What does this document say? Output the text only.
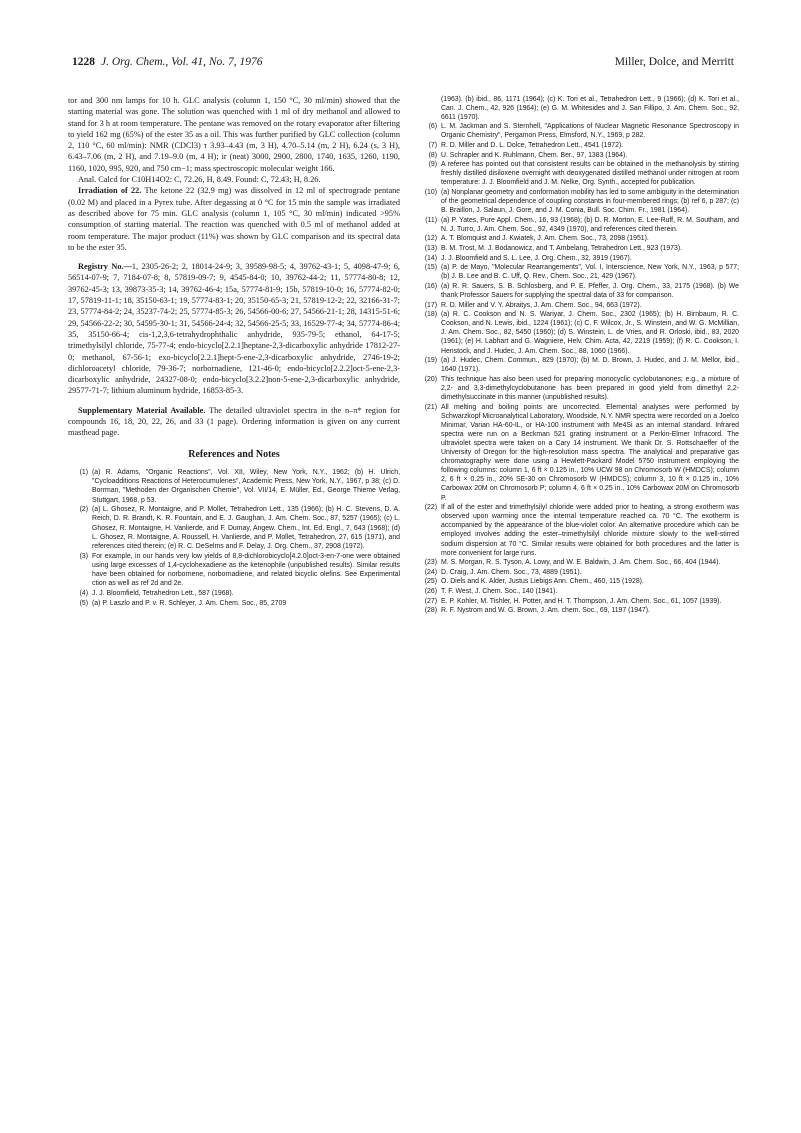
1228 J. Org. Chem., Vol. 41, No. 7, 1976	Miller, Dolce, and Merritt

tor and 300 nm lamps for 10 h. GLC analysis (column 1, 150 °C, 30 ml/min) showed that the starting material was gone. The solution was quenched with 1 ml of dry methanol and allowed to stand for 3 h at room temperature. The pentane was removed on the rotary evaporator after filtering to yield 162 mg (65%) of the ester 35 as a oil. This was further purified by GLC collection (column 2, 110 °C, 60 ml/min): NMR (CDCl3) τ 3.93–4.43 (m, 3 H), 4.70–5.14 (m, 2 H), 6.24 (s, 3 H), 6.43–7.06 (m, 2 H), and 7.19–9.0 (m, 4 H); ir (neat) 3000, 2900, 2800, 1740, 1635, 1260, 1190, 1160, 1020, 995, 920, and 750 cm−1; mass spectroscopic molecular weight 166.

Anal. Calcd for C10H14O2: C, 72.26, H, 8.49. Found: C, 72.43; H, 8.26.

Irradiation of 22. The ketone 22 (32.9 mg) was dissolved in 12 ml of spectrograde pentane (0.02 M) and placed in a Pyrex tube. After degassing at 0 °C for 15 min the sample was irradiated as described above for 75 min. GLC analysis (column 1, 105 °C, 30 ml/min) indicated >95% consumption of starting material. The reaction was quenched with 0.5 ml of methanol added at room temperature. The major product (11%) was shown by GLC comparison and its spectral data to be the ester 35.

Registry No.—1, 2305-26-2; 2, 18014-24-9; 3, 39589-98-5; 4, 39762-43-1; 5, 4098-47-9; 6, 56514-07-9; 7, 7184-07-8; 8, 57819-09-7; 9, 4545-84-0; 10, 39762-44-2; 11, 57774-80-8; 12, 39762-45-3; 13, 39873-35-3; 14, 39762-46-4; 15a, 57774-81-9; 15b, 57819-10-0; 16, 57774-82-0; 17, 57819-11-1; 18, 35150-63-1; 19, 57774-83-1; 20, 35150-65-3; 21, 57819-12-2; 22, 32166-31-7; 23, 57774-84-2; 24, 35237-74-2; 25, 57774-85-3; 26, 54566-00-6; 27, 54566-21-1; 28, 14315-51-6; 29, 54566-22-2; 30, 54595-30-1; 31, 54566-24-4; 32, 54566-25-5; 33, 16529-77-4; 34, 57774-86-4; 35, 35150-66-4; cis-1,2,3,6-tetrahydrophthalic anhydride, 935-79-5; ethanol, 64-17-5; trimethylsilyl chloride, 75-77-4; endo-bicyclo[2.2.1]heptane-2,3-dicarboxylic anhydride 17812-27-0; methanol, 67-56-1; exo-bicyclo[2.2.1]hept-5-ene-2,3-dicarboxylic anhydride, 2746-19-2; dichloroacetyl chloride, 79-36-7; norbornadiene, 121-46-0; endo-bicyclo[2.2.2]oct-5-ene-2,3-dicarboxylic anhydride, 24327-08-0; endo-bicyclo[3.2.2]non-5-ene-2,3-dicarboxylic anhydride, 29577-71-7; lithium aluminum hydride, 16853-85-3.

Supplementary Material Available. The detailed ultraviolet spectra in the n–π* region for compounds 16, 18, 20, 22, 26, and 33 (1 page). Ordering information is given on any current masthead page.

References and Notes
(1) (a) R. Adams, "Organic Reactions", Vol. XII, Wiley, New York, N.Y., 1962; (b) H. Ulrich, "Cycloadditions Reactions of Heterocumulenes", Academic Press, New York, N.Y., 1967, p 38; (c) D. Borrman, "Methoden der Organischen Chemie", Vol. VII/14, E. Müller, Ed., George Thieme Verlag, Stuttgart, 1968, p 53.
(2) (a) L. Ghosez, R. Montaigne, and P. Mollet, Tetrahedron Lett., 135 (1966); (b) H. C. Stevens, D. A. Reich, D. R. Brandt, K. R. Fountain, and E. J. Gaughan, J. Am. Chem. Soc., 87, 5257 (1965); (c) L. Ghosez, R. Montaigne, H. Vanlierde, and F. Dumay, Angew. Chem., Int. Ed. Engl., 7, 643 (1968); (d) L. Ghosez, R. Montaigne, A. Roussell, H. Vanlierde, and P. Mollet, Tetrahedron, 27, 615 (1971), and references cited therein; (e) R. C. DeSelms and F. Delay, J. Org. Chem., 37, 2908 (1972).
(3) For example, in our hands very low yields of 8,8-dichlorobicyclo[4.2.0]oct-3-en-7-one were obtained using large excesses of 1,4-cyclohexadiene as the ketenophile (unpublished results). Similar results have been obtained for norbornene, norbornadiene, and related bicyclic olefins. See Experimental ction as well as ref 2d and 2e.
(4) J. J. Bloomfield, Tetrahedron Lett., 587 (1968).
(5) (a) P. Laszlo and P. v. R. Schleyer, J. Am. Chem. Soc., 85, 2709
(1963). (b) ibid., 86, 1171 (1964); (c) K. Tori et al., Tetrahedron Lett., 9 (1966); (d) K. Tori et al., Can. J. Chem., 42, 926 (1964); (e) G. M. Whitesides and J. San Fillipo, J. Am. Chem. Soc., 92, 6611 (1970).
(6) L. M. Jackman and S. Sternhell, "Applications of Nuclear Magnetic Resonance Spectroscopy in Organic Chemistry", Pergamon Press, Elmsford, N.Y., 1969, p 282.
(7) R. D. Miller and D. L. Dolce, Tetrahedron Lett., 4541 (1972).
(8) U. Schrapler and K. Ruhlmann, Chem. Ber., 97, 1383 (1964).
(9) A referee has pointed out that consistent results can be obtained in the methanolysis by stirring freshly distilled disiloxene overnight with deoxygenated distilled methanol under nitrogen at room temperature: J. J. Bloomfield and J. M. Nelke, Org. Synth., accepted for publication.
(10) (a) Nonplanar geometry and conformation mobility has led to some ambiguity in the determination of the geometrical dependence of coupling constants in four-membered rings; (b) ref 6, p 287; (c) B. Braillon, J. Salaun, J. Gore, and J. M. Conia, Bull. Soc. Chim. Fr., 1981 (1964).
(11) (a) P. Yates, Pure Appl. Chem., 16, 93 (1968); (b) D. R. Morton, E. Lee-Ruff, R. M. Southam, and N. J. Turro, J. Am. Chem. Soc., 92, 4349 (1970), and references cited therein.
(12) A. T. Blomquist and J. Kwiatek, J. Am. Chem. Soc., 73, 2098 (1951).
(13) B. M. Trost, M. J. Bodanowicz, and T. Ambelang, Tetrahedron Lett., 923 (1973).
(14) J. J. Bloomfield and S. L. Lee, J. Org. Chem., 32, 3919 (1967).
(15) (a) P. de Mayo, "Molecular Rearrangements", Vol. I, Interscience, New York, N.Y., 1963, p 577; (b) J. B. Lee and B. C. Uff, Q. Rev., Chem. Soc., 21, 429 (1967).
(16) (a) R. R. Sauers, S. B. Schlosberg, and P. E. Pfeffer, J. Org. Chem., 33, 2175 (1968). (b) We thank Professor Sauers for supplying the spectral data of 33 for comparison.
(17) R. D. Miller and V. Y. Abraitys, J. Am. Chem. Soc., 94, 663 (1972).
(18) (a) R. C. Cookson and N. S. Wariyar, J. Chem. Soc., 2302 (1965); (b) H. Birnbaum, R. C. Cookson, and N. Lewis, ibid., 1224 (1961); (c) C. F. Wilcox, Jr., S. Winstein, and W. G. McMillian, J. Am. Chem. Soc., 82, 5450 (1960); (d) S. Winstein, L. de Vries, and R. Orloski, ibid., 83, 2020 (1961); (e) H. Labhart and G. Wagniere, Helv. Chim. Acta, 42, 2219 (1959); (f) R. C. Cookson, I. Henstock, and J. Hudec, J. Am. Chem. Soc., 88, 1060 (1966).
(19) (a) J. Hudec, Chem. Commun., 829 (1970); (b) M. D. Brown, J. Hudec, and J. M. Mellor, ibid., 1640 (1971).
(20) This technique has also been used for preparing monocyclic cyclobutanones; e.g., a mixture of 2,2- and 3,3-dimethylcyclobutanone has been prepared in good yield from dimethyl 2,2-dimethylsuccinate in this manner (unpublished results).
(21) All melting and boiling points are uncorrected. Elemental analyses were performed by Schwarzkopf Microanalytical Laboratory, Woodside, N.Y. NMR spectra were recorded on a Joelco Minimar, Varian HA-60-IL, or HA-100 instrument with Me4Si as an internal standard. Infrared spectra were run on a Beckman 521 grating instrument or a Perkin-Elmer Infracord. The ultraviolet spectra were taken on a Cary 14 instrument. We thank Dr. S. Rottschaeffer of the University of Oregon for the high-resolution mass spectra. The analytical and preparative gas chromatography were done using a Hewlett-Packard Model 5750 instrument employing the following columns: column 1, 6 ft × 0.125 in., 10% UCW 98 on Chromosorb W (HMDCS); column 2, 6 ft × 0.25 in., 20% SE-30 on Chromosorb W (HMDCS); column 3, 10 ft × 0.125 in., 10% Carbowax 20M on Chromosorb P; column 4, 6 ft × 0.25 in., 10% Carbowax 20M on Chromosorb P.
(22) If all of the ester and trimethylsilyl chloride were added prior to heating, a strong exotherm was observed upon warming once the internal temperature reached ca. 70 °C. The exotherm is accompanied by the appearance of the blue-violet color. An alternative procedure which can be employed involves adding the ester–trimethylsilyl chloride mixture slowly to the well-stirred sodium dispersion at 70 °C. Similar results were obtained for both procedures and the latter is more convenient for large runs.
(23) M. S. Morgan, R. S. Tyson, A. Lowy, and W. E. Baldwin, J. Am. Chem. Soc., 66, 404 (1944).
(24) D. Craig, J. Am. Chem. Soc., 73, 4889 (1951).
(25) O. Diels and K. Alder, Justus Liebigs Ann. Chem., 460, 115 (1928).
(26) T. F. West, J. Chem. Soc., 140 (1941).
(27) E. P. Kohler, M. Tishler, H. Potter, and H. T. Thompson, J. Am. Chem. Soc., 61, 1057 (1939).
(28) R. F. Nystrom and W. G. Brown, J. Am. chem. Soc., 69, 1197 (1947).
